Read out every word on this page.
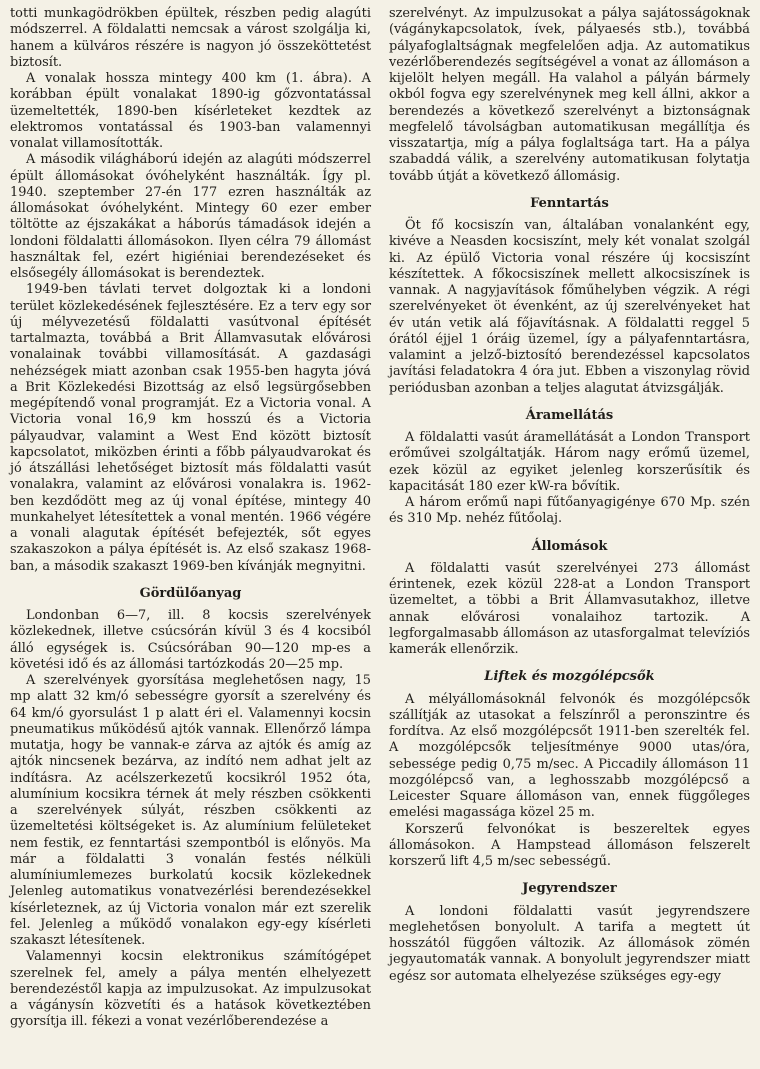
totti munkagödrökben épültek, részben pedig alagúti módszerrel. A földalatti nemcsak a várost szolgálja ki, hanem a külváros részére is nagyon jó összeköttetést biztosít.

A vonalak hossza mintegy 400 km (1. ábra). A korábban épült vonalakat 1890-ig gőzvontatással üzemeltették, 1890-ben kísérleteket kezdtek az elektromos vontatással és 1903-ban valamennyi vonalat villamosították.

A második világháború idején az alagúti módszerrel épült állomásokat óvóhelyként használták. Így pl. 1940. szeptember 27-én 177 ezren használták az állomásokat óvóhelyként. Mintegy 60 ezer ember töltötte az éjszakákat a háborús támadások idején a londoni földalatti állomásokon. Ilyen célra 79 állomást használtak fel, ezért higiéniai berendezéseket és elsősegély állomásokat is berendeztek.

1949-ben távlati tervet dolgoztak ki a londoni terület közlekedésének fejlesztésére. Ez a terv egy sor új mélyvezetésű földalatti vasútvonal építését tartalmazta, továbbá a Brit Államvasutak elővárosi vonalainak további villamosítását. A gazdasági nehézségek miatt azonban csak 1955-ben hagyta jóvá a Brit Közlekedési Bizottság az első legsürgősebben megépítendő vonal programját. Ez a Victoria vonal. A Victoria vonal 16,9 km hosszú és a Victoria pályaudvar, valamint a West End között biztosít kapcsolatot, miközben érinti a főbb pályaudvarokat és jó átszállási lehetőséget biztosít más földalatti vasút vonalakra, valamint az elővárosi vonalakra is. 1962-ben kezdődött meg az új vonal építése, mintegy 40 munkahelyet létesítettek a vonal mentén. 1966 végére a vonali alagutak építését befejezték, sőt egyes szakaszokon a pálya építését is. Az első szakasz 1968-ban, a második szakaszt 1969-ben kívánják megnyitni.

Gördülőanyag

Londonban 6—7, ill. 8 kocsis szerelvények közlekednek, illetve csúcsórán kívül 3 és 4 kocsiból álló egységek is. Csúcsórában 90—120 mp-es a követési idő és az állomási tartózkodás 20—25 mp.

A szerelvények gyorsítása meglehetősen nagy, 15 mp alatt 32 km/ó sebességre gyorsít a szerelvény és 64 km/ó gyorsulást 1 p alatt éri el. Valamennyi kocsin pneumatikus működésű ajtók vannak. Ellenőrző lámpa mutatja, hogy be vannak-e zárva az ajtók és amíg az ajtók nincsenek bezárva, az indító nem adhat jelt az indításra. Az acélszerkezetű kocsikról 1952 óta, alumínium kocsikra térnek át mely részben csökkenti a szerelvények súlyát, részben csökkenti az üzemeltetési költségeket is. Az alumínium felületeket nem festik, ez fenntartási szempontból is előnyös. Ma már a földalatti 3 vonalán festés nélküli alumíniumlemezes burkolatú kocsik közlekednek Jelenleg automatikus vonatvezérlési berendezésekkel kísérleteznek, az új Victoria vonalon már ezt szerelik fel. Jelenleg a működő vonalakon egy-egy kísérleti szakaszt létesítenek.

Valamennyi kocsin elektronikus számítógépet szerelnek fel, amely a pálya mentén elhelyezett berendezéstől kapja az impulzusokat. Az impulzusokat a vágánysín közvetíti és a hatások következtében gyorsítja ill. fékezi a vonat vezérlőberendezése a

szerelvényt. Az impulzusokat a pálya sajátosságoknak (vágánykapcsolatok, ívek, pályaesés stb.), továbbá pályafoglaltságnak megfelelően adja. Az automatikus vezérlőberendezés segítségével a vonat az állomáson a kijelölt helyen megáll. Ha valahol a pályán bármely okból fogva egy szerelvénynek meg kell állni, akkor a berendezés a következő szerelvényt a biztonságnak megfelelő távolságban automatikusan megállítja és visszatartja, míg a pálya foglaltsága tart. Ha a pálya szabaddá válik, a szerelvény automatikusan folytatja tovább útját a következő állomásig.

Fenntartás

Öt fő kocsiszín van, általában vonalanként egy, kivéve a Neasden kocsiszínt, mely két vonalat szolgál ki. Az épülő Victoria vonal részére új kocsiszínt készítettek. A főkocsiszínek mellett alkocsiszínek is vannak. A nagyjavítások főműhelyben végzik. A régi szerelvényeket öt évenként, az új szerelvényeket hat év után vetik alá főjavításnak. A földalatti reggel 5 órától éjjel 1 óráig üzemel, így a pályafenntartásra, valamint a jelző-biztosító berendezéssel kapcsolatos javítási feladatokra 4 óra jut. Ebben a viszonylag rövid periódusban azonban a teljes alagutat átvizsgálják.

Áramellátás

A földalatti vasút áramellátását a London Transport erőművei szolgáltatják. Három nagy erőmű üzemel, ezek közül az egyiket jelenleg korszerűsítik és kapacitását 180 ezer kW-ra bővítik.

A három erőmű napi fűtőanyagigénye 670 Mp. szén és 310 Mp. nehéz fűtőolaj.

Állomások

A földalatti vasút szerelvényei 273 állomást érintenek, ezek közül 228-at a London Transport üzemeltet, a többi a Brit Államvasutakhoz, illetve annak elővárosi vonalaihoz tartozik. A legforgalmasabb állomáson az utasforgalmat televíziós kamerák ellenőrzik.

Liftek és mozgólépcsők

A mélyállomásoknál felvonók és mozgólépcsők szállítják az utasokat a felszínről a peronszintre és fordítva. Az első mozgólépcsőt 1911-ben szerelték fel. A mozgólépcsők teljesítménye 9000 utas/óra, sebessége pedig 0,75 m/sec. A Piccadily állomáson 11 mozgólépcső van, a leghosszabb mozgólépcső a Leicester Square állomáson van, ennek függőleges emelési magassága közel 25 m.

Korszerű felvonókat is beszereltek egyes állomásokon. A Hampstead állomáson felszerelt korszerű lift 4,5 m/sec sebességű.

Jegyrendszer

A londoni földalatti vasút jegyrendszere meglehetősen bonyolult. A tarifa a megtett út hosszától függően változik. Az állomások zömén jegyautomaták vannak. A bonyolult jegyrendszer miatt egész sor automata elhelyezése szükséges egy-egy
